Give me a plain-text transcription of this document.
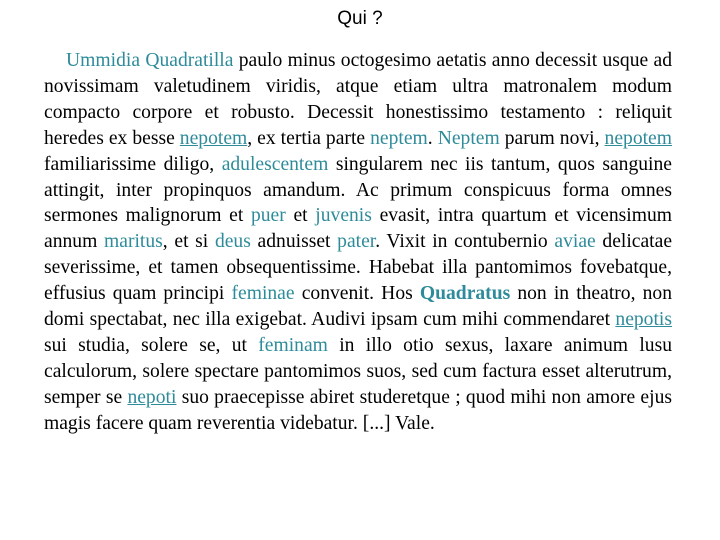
Qui ?

Ummidia Quadratilla paulo minus octogesimo aetatis anno decessit usque ad novissimam valetudinem viridis, atque etiam ultra matronalem modum compacto corpore et robusto. Decessit honestissimo testamento : reliquit heredes ex besse nepotem, ex tertia parte neptem. Neptem parum novi, nepotem familiarissime diligo, adulescentem singularem nec iis tantum, quos sanguine attingit, inter propinquos amandum. Ac primum conspicuus forma omnes sermones malignorum et puer et juvenis evasit, intra quartum et vicensimum annum maritus, et si deus adnuisset pater. Vixit in contubernio aviae delicatae severissime, et tamen obsequentissime. Habebat illa pantomimos fovebatque, effusius quam principi feminae convenit. Hos Quadratus non in theatro, non domi spectabat, nec illa exigebat. Audivi ipsam cum mihi commendaret nepotis sui studia, solere se, ut feminam in illo otio sexus, laxare animum lusu calculorum, solere spectare pantomimos suos, sed cum factura esset alterutrum, semper se nepoti suo praecepisse abiret studeretque ; quod mihi non amore ejus magis facere quam reverentia videbatur. [...] Vale.
